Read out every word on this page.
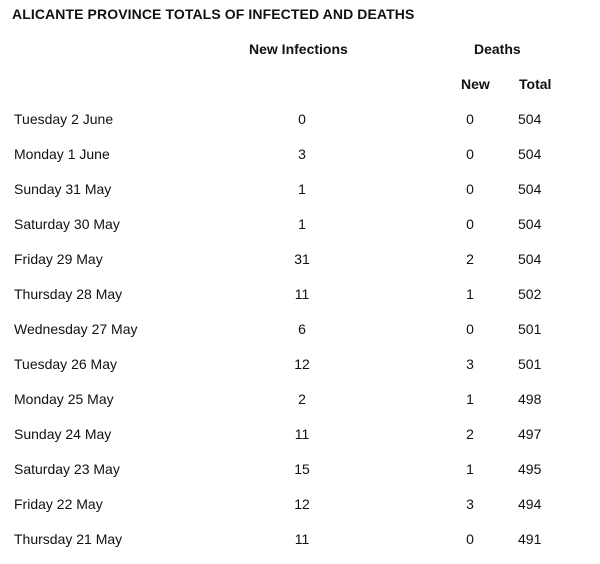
ALICANTE PROVINCE TOTALS OF INFECTED AND DEATHS
New Infections	Deaths
New Total
Tuesday 2 June	0	0	504
Monday 1 June	3	0	504
Sunday 31 May	1	0	504
Saturday 30 May	1	0	504
Friday 29 May	31	2	504
Thursday 28 May	11	1	502
Wednesday 27 May	6	0	501
Tuesday 26 May	12	3	501
Monday 25 May	2	1	498
Sunday 24 May	11	2	497
Saturday 23 May	15	1	495
Friday 22 May	12	3	494
Thursday 21 May	11	0	491
